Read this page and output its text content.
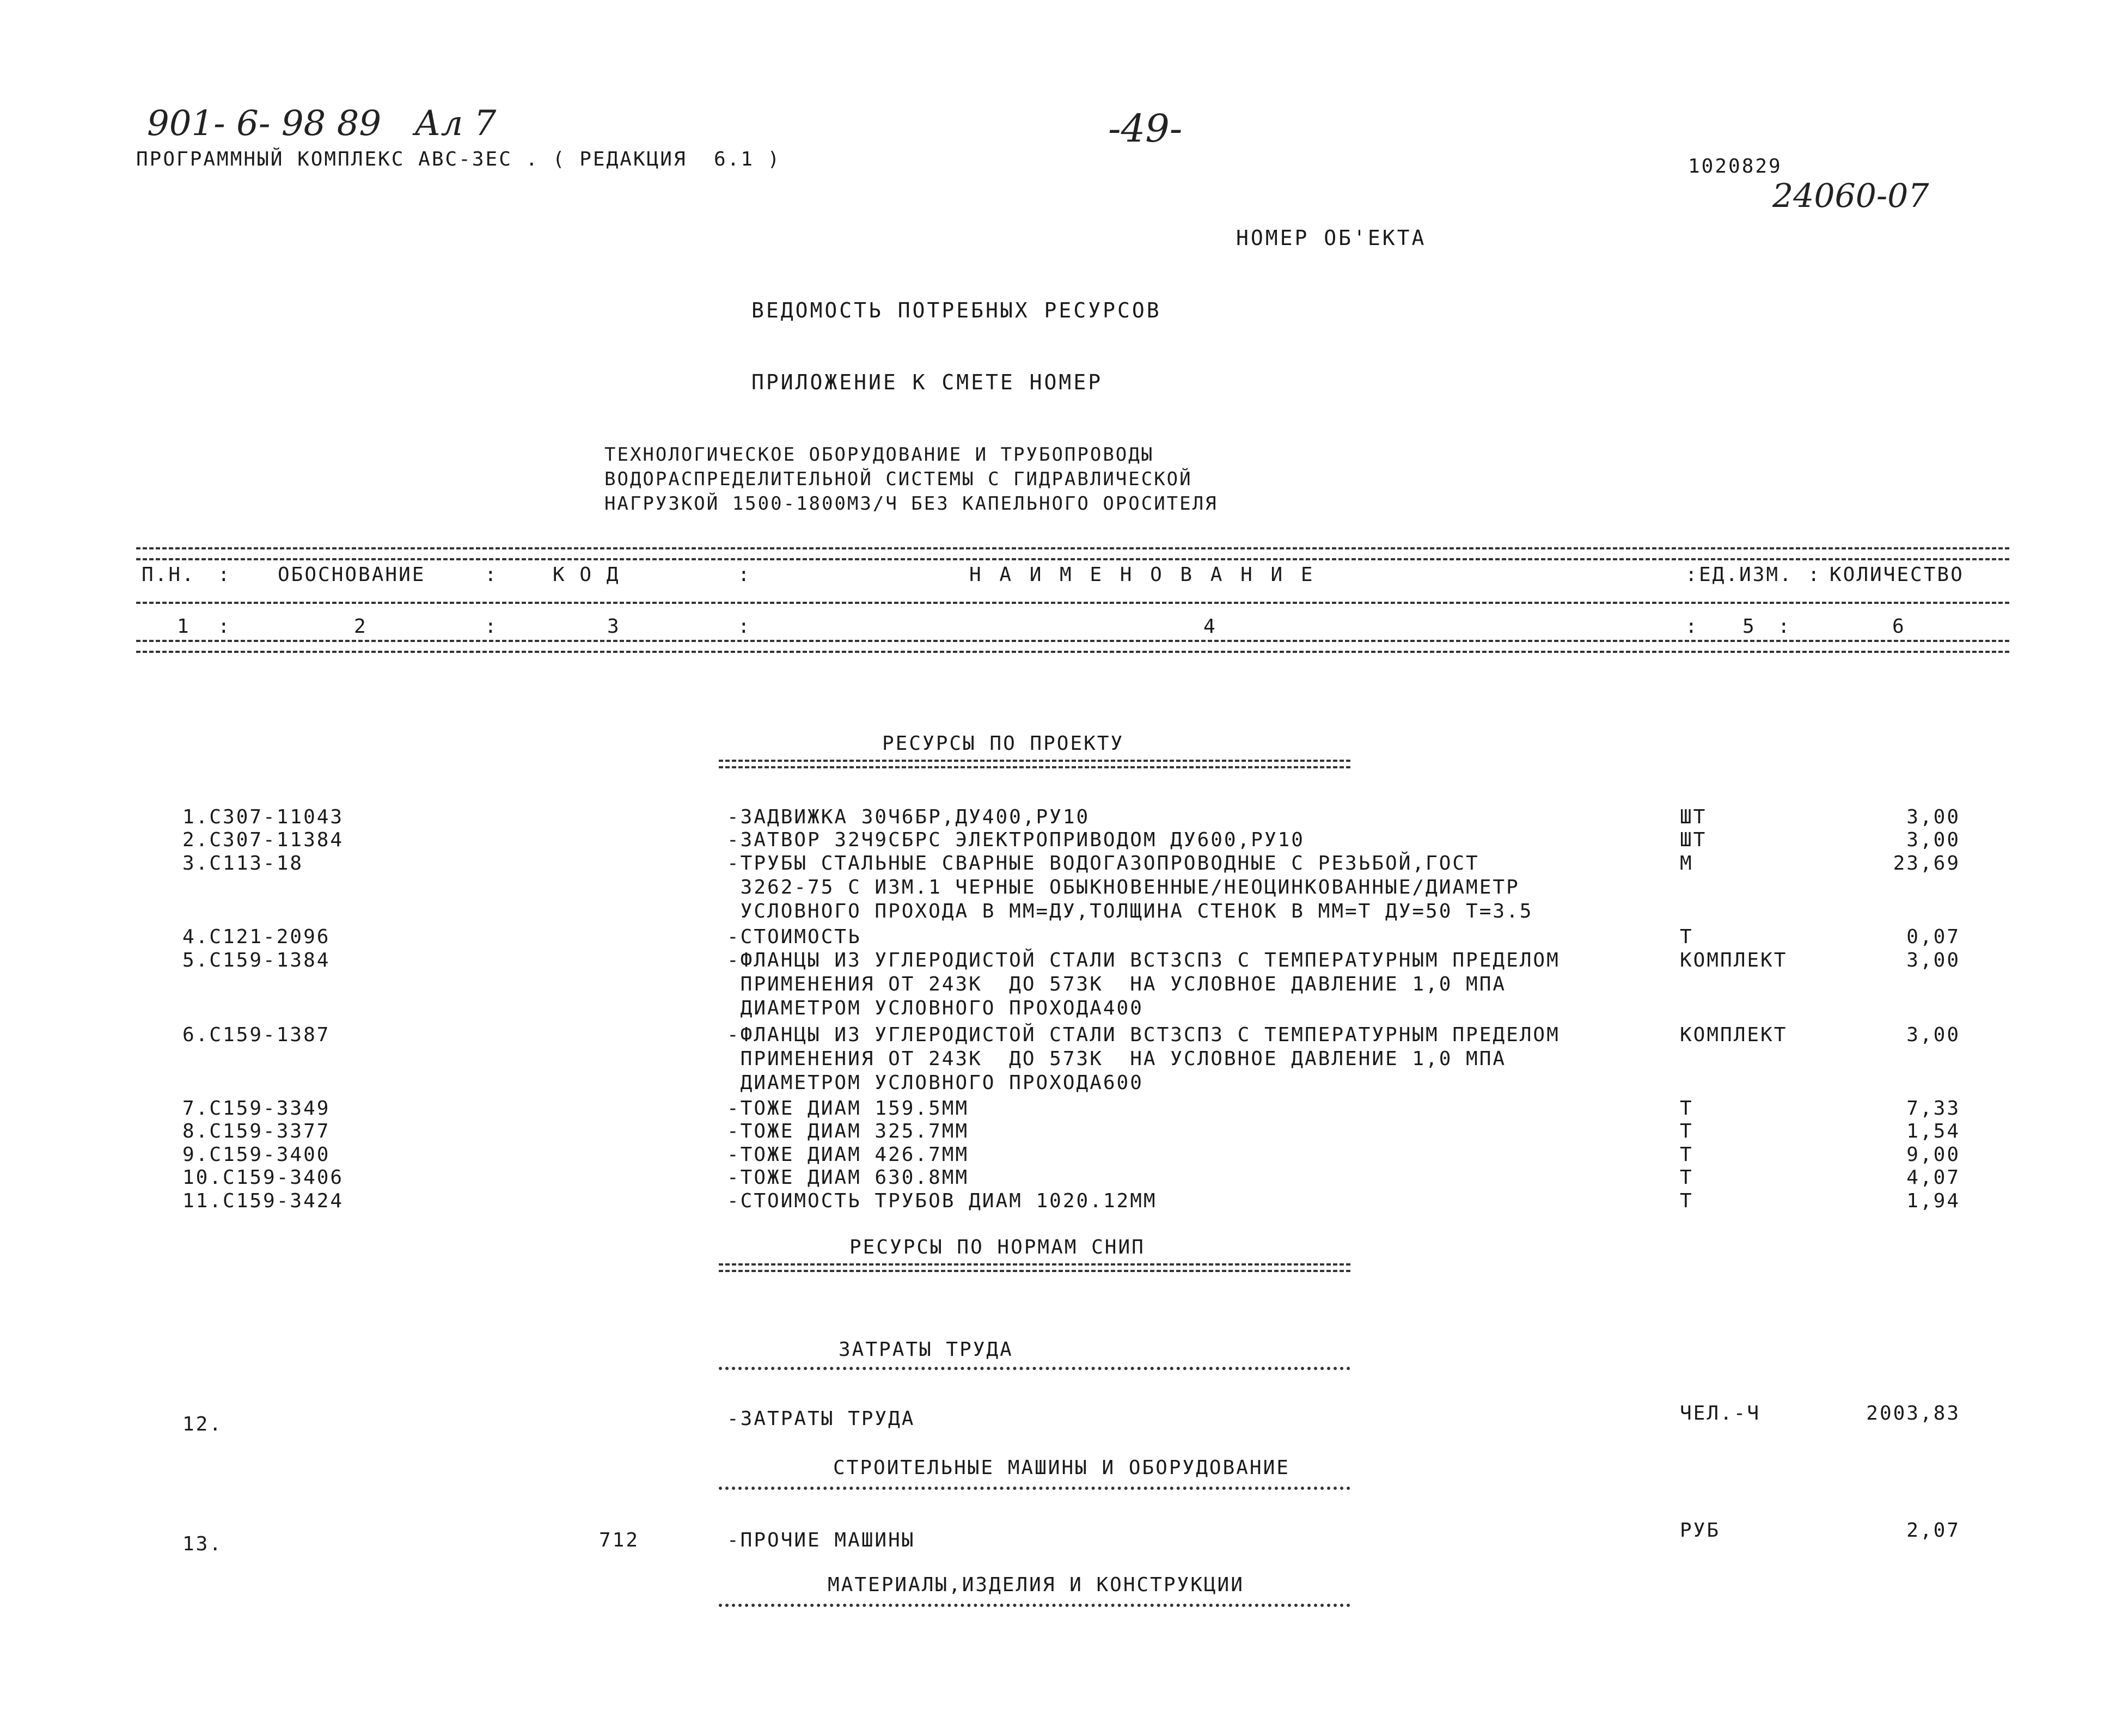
901- 6- 98 89   Ал 7	-49-
ПРОГРАММНЫЙ КОМПЛЕКС АВС-3ЕС . ( РЕДАКЦИЯ  6.1 )	1020829
24060-07
НОМЕР ОБ'ЕКТА
ВЕДОМОСТЬ ПОТРЕБНЫХ РЕСУРСОВ
ПРИЛОЖЕНИЕ К СМЕТЕ НОМЕР
ТЕХНОЛОГИЧЕСКОЕ ОБОРУДОВАНИЕ И ТРУБОПРОВОДЫ
ВОДОРАСПРЕДЕЛИТЕЛЬНОЙ СИСТЕМЫ С ГИДРАВЛИЧЕСКОЙ
НАГРУЗКОЙ 1500-1800М3/Ч БЕЗ КАПЕЛЬНОГО ОРОСИТЕЛЯ
П.Н. : ОБОСНОВАНИЕ	:	К О Д	:	Н А И М Е Н О В А Н И Е	: ЕД.ИЗМ. : КОЛИЧЕСТВО
1 :	2	:	3	:	4	: 5 :	6
РЕСУРСЫ ПО ПРОЕКТУ
1.С307-11043	-ЗАДВИЖКА 30Ч6БР,ДУ400,РУ10	ШТ	3,00
2.С307-11384	-ЗАТВОР 32Ч9СБРС ЭЛЕКТРОПРИВОДОМ ДУ600,РУ10	ШТ	3,00
3.С113-18	-ТРУБЫ СТАЛЬНЫЕ СВАРНЫЕ ВОДОГАЗОПРОВОДНЫЕ С РЕЗЬБОЙ,ГОСТ
3262-75 С ИЗМ.1 ЧЕРНЫЕ ОБЫКНОВЕННЫЕ/НЕОЦИНКОВАННЫЕ/ДИАМЕТР
УСЛОВНОГО ПРОХОДА В ММ=ДУ,ТОЛЩИНА СТЕНОК В ММ=Т ДУ=50 Т=3.5
М	23,69
4.С121-2096	-СТОИМОСТЬ	Т	0,07
5.С159-1384	-ФЛАНЦЫ ИЗ УГЛЕРОДИСТОЙ СТАЛИ ВСТ3СП3 С ТЕМПЕРАТУРНЫМ ПРЕДЕЛОМ
ПРИМЕНЕНИЯ ОТ 243К  ДО 573К  НА УСЛОВНОЕ ДАВЛЕНИЕ 1,0 МПА
ДИАМЕТРОМ УСЛОВНОГО ПРОХОДА400
КОМПЛЕКТ	3,00
6.С159-1387	-ФЛАНЦЫ ИЗ УГЛЕРОДИСТОЙ СТАЛИ ВСТ3СП3 С ТЕМПЕРАТУРНЫМ ПРЕДЕЛОМ
ПРИМЕНЕНИЯ ОТ 243К  ДО 573К  НА УСЛОВНОЕ ДАВЛЕНИЕ 1,0 МПА
ДИАМЕТРОМ УСЛОВНОГО ПРОХОДА600
КОМПЛЕКТ	3,00
7.С159-3349	-ТОЖЕ ДИАМ 159.5ММ	Т	7,33
8.С159-3377	-ТОЖЕ ДИАМ 325.7ММ	Т	1,54
9.С159-3400	-ТОЖЕ ДИАМ 426.7ММ	Т	9,00
10.С159-3406	-ТОЖЕ ДИАМ 630.8ММ	Т	4,07
11.С159-3424	-СТОИМОСТЬ ТРУБОВ ДИАМ 1020.12ММ	Т	1,94
РЕСУРСЫ ПО НОРМАМ СНИП
ЗАТРАТЫ ТРУДА
12.	-ЗАТРАТЫ ТРУДА	ЧЕЛ.-Ч	2003,83
СТРОИТЕЛЬНЫЕ МАШИНЫ И ОБОРУДОВАНИЕ
13.	712	-ПРОЧИЕ МАШИНЫ	РУБ	2,07
МАТЕРИАЛЫ,ИЗДЕЛИЯ И КОНСТРУКЦИИ
